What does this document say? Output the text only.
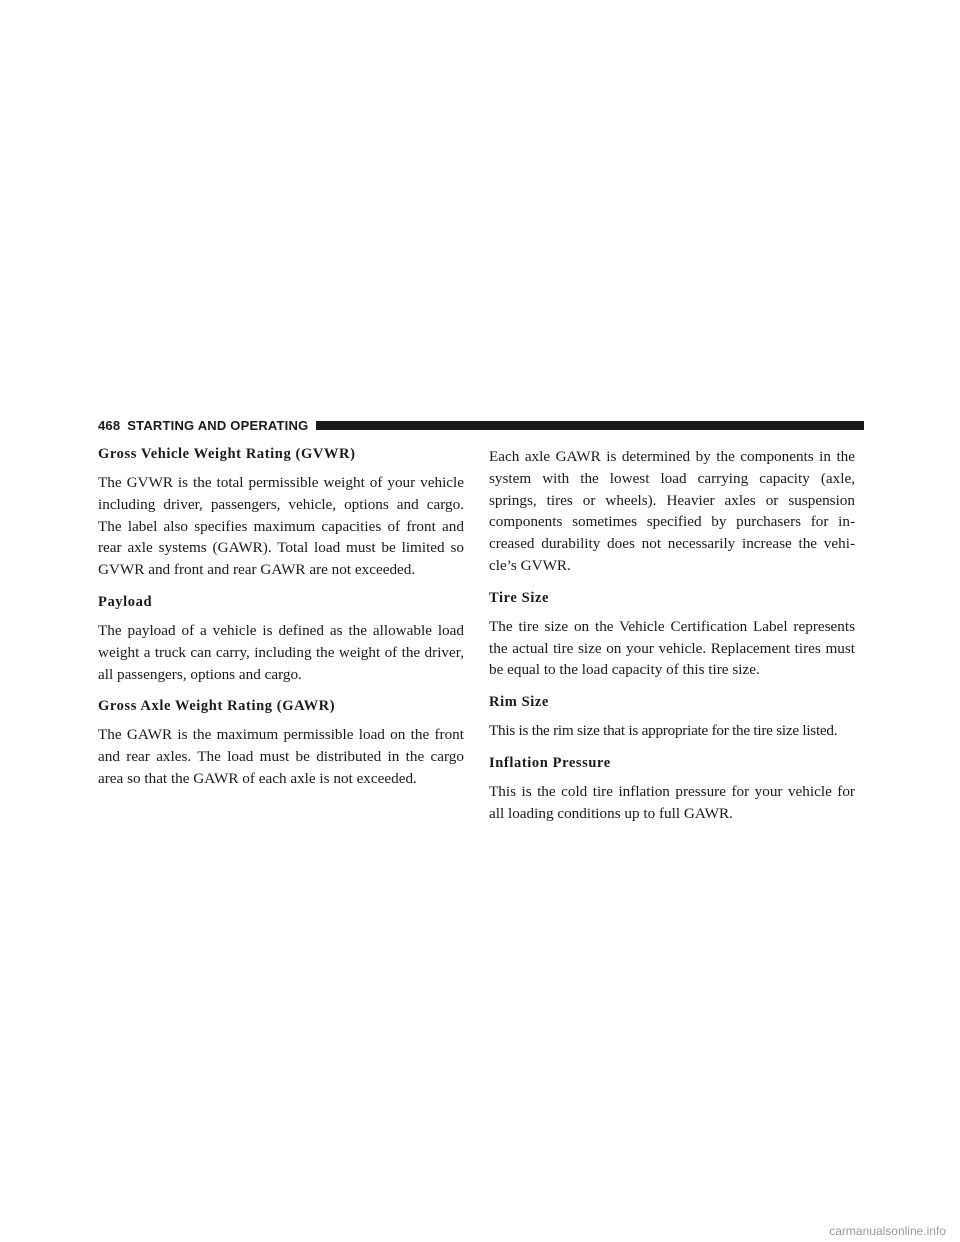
468 STARTING AND OPERATING
Gross Vehicle Weight Rating (GVWR)

The GVWR is the total permissible weight of your vehicle including driver, passengers, vehicle, options and cargo. The label also specifies maximum capacities of front and rear axle systems (GAWR). Total load must be limited so GVWR and front and rear GAWR are not exceeded.

Payload

The payload of a vehicle is defined as the allowable load weight a truck can carry, including the weight of the driver, all passengers, options and cargo.

Gross Axle Weight Rating (GAWR)

The GAWR is the maximum permissible load on the front and rear axles. The load must be distributed in the cargo area so that the GAWR of each axle is not exceeded.

Each axle GAWR is determined by the components in the system with the lowest load carrying capacity (axle, springs, tires or wheels). Heavier axles or suspension components sometimes specified by purchasers for increased durability does not necessarily increase the vehicle’s GVWR.

Tire Size

The tire size on the Vehicle Certification Label represents the actual tire size on your vehicle. Replacement tires must be equal to the load capacity of this tire size.

Rim Size

This is the rim size that is appropriate for the tire size listed.

Inflation Pressure

This is the cold tire inflation pressure for your vehicle for all loading conditions up to full GAWR.

carmanualsonline.info
